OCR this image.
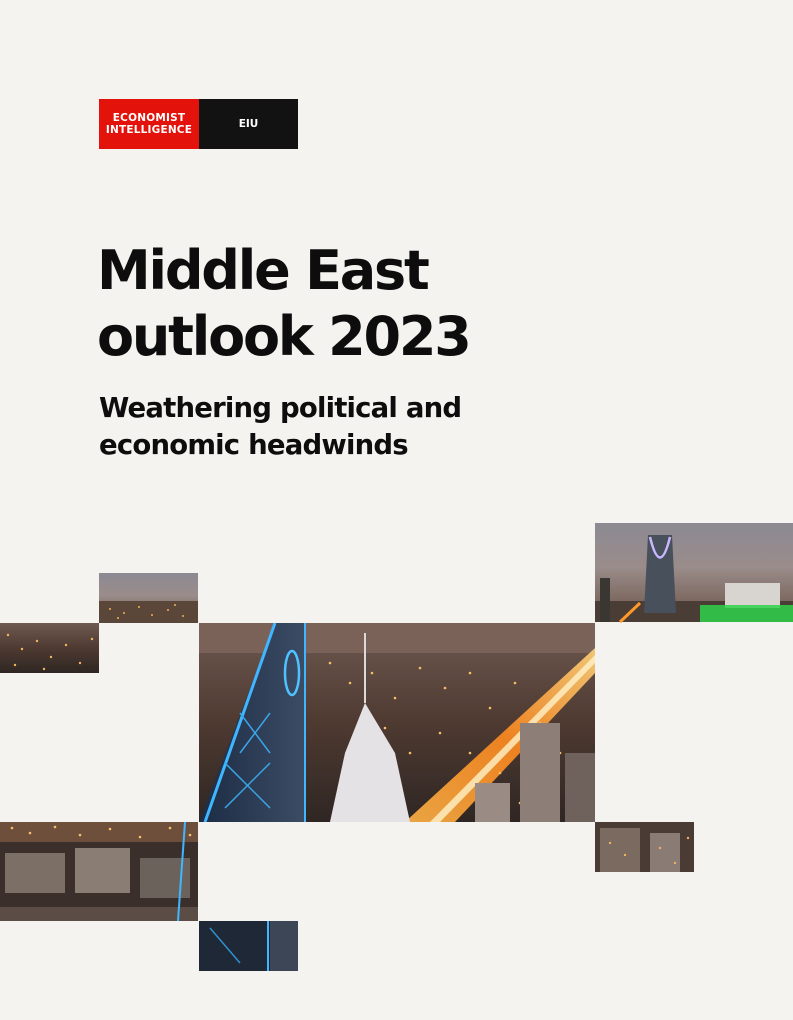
ECONOMIST
INTELLIGENCE	EIU
Middle East
outlook 2023
Weathering political and
economic headwinds
